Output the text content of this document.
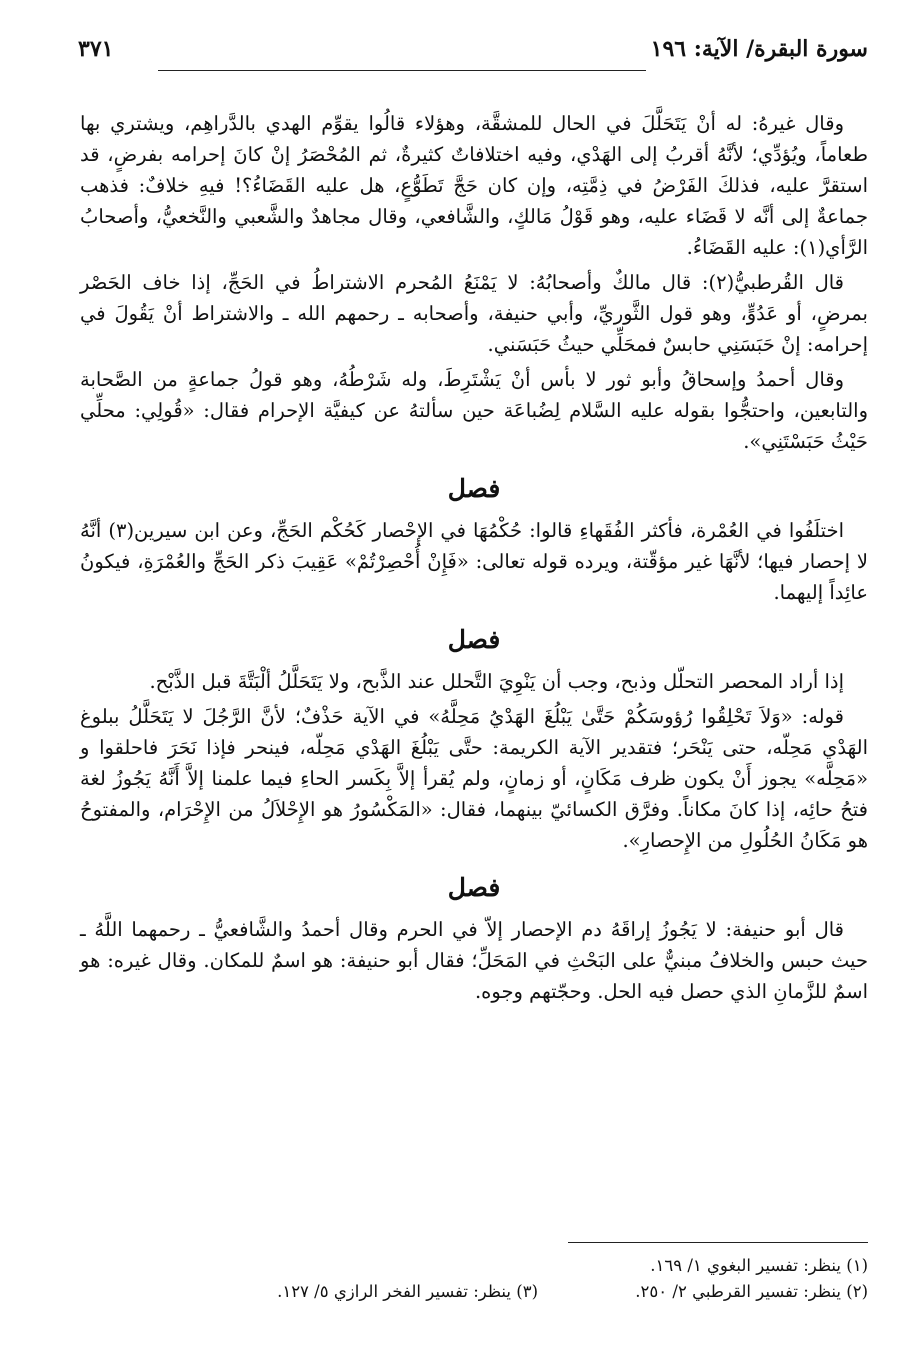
سورة البقرة/ الآية: ١٩٦
٣٧١

وقال غيرهُ: له أنْ يَتَحَلَّلَ في الحال للمشقَّة، وهؤلاء قالُوا يقوِّم الهدي بالدَّراهِم، ويشتري بها طعاماً، ويُؤدِّي؛ لأنَّهُ أقربُ إلى الهَدْي، وفيه اختلافاتٌ كثيرةٌ، ثم المُحْصَرُ إنْ كانَ إحرامه بفرضٍ، قد استقرَّ عليه، فذلكَ الفَرْضُ في ذِمَّتِه، وإن كان حَجَّ تَطَوُّعٍ، هل عليه القَضَاءُ؟! فيهِ خلافٌ: فذهب جماعةٌ إلى أنَّه لا قَضَاء عليه، وهو قَوْلُ مَالكٍ، والشَّافعي، وقال مجاهدٌ والشَّعبي والنَّخعيُّ، وأصحابُ الرَّأي(١): عليه القَضَاءُ.

قال القُرطبيُّ(٢): قال مالكٌ وأصحابُهُ: لا يَمْنَعُ المُحرم الاشتراطُ في الحَجِّ، إذا خاف الحَصْر بمرضٍ، أو عَدُوٍّ، وهو قول الثَّوريِّ، وأبي حنيفة، وأصحابه ـ رحمهم الله ـ والاشتراط أنْ يَقُولَ في إحرامه: إنْ حَبَسَنِي حابسٌ فمحَلِّي حيثُ حَبَسَني.

وقال أحمدُ وإسحاقُ وأبو ثور لا بأس أنْ يَشْتَرِطَ، وله شَرْطُهُ، وهو قولُ جماعةٍ من الصَّحابة والتابعين، واحتجُّوا بقوله عليه السَّلام لِضُباعَة حين سألتهُ عن كيفيَّة الإحرام فقال: «قُولِي: محلِّي حَيْثُ حَبَسْتَنِي».

فصل

اختلَفُوا في العُمْرة، فأكثر الفُقَهاءِ قالوا: حُكْمُهَا في الإحْصار كَحُكْم الحَجِّ، وعن ابن سيرين(٣) أنَّهُ لا إحصار فيها؛ لأنَّهَا غير مؤقّتة، ويرده قوله تعالى: «فَإِنْ أُحْصِرْتُمْ» عَقِيبَ ذكر الحَجِّ والعُمْرَةِ، فيكونُ عائِداً إليهما.

فصل

إذا أراد المحصر التحلّل وذبح، وجب أن يَنْوِيَ التَّحلل عند الذَّبح، ولا يَتَحَلَّلُ ألْبَتَّةَ قبل الذَّبْح.

قوله: «وَلاَ تَحْلِقُوا رُؤوسَكُمْ حَتَّىٰ يَبْلُغَ الهَدْيُ مَحِلَّهُ» في الآية حَذْفٌ؛ لأنَّ الرَّجُلَ لا يَتَحَلَّلُ ببلوغ الهَدْي مَحِلّه، حتى يَنْحَر؛ فتقدير الآية الكريمة: حتَّى يَبْلُغَ الهَدْي مَحِلّه، فينحر فإذا نَحَرَ فاحلقوا و «مَحِلَّه» يجوز أَنْ يكون ظرف مَكَانٍ، أو زمانٍ، ولم يُقرأ إلاَّ بِكَسر الحاءِ فيما علمنا إلاَّ أَنَّهُ يَجُوزُ لغة فتحُ حائِه، إذا كانَ مكاناً. وفرَّق الكسائيّ بينهما، فقال: «المَكْسُورُ هو الإِحْلاَلُ من الإِحْرَام، والمفتوحُ هو مَكَانُ الحُلُولِ من الإِحصارِ».

فصل

قال أبو حنيفة: لا يَجُوزُ إراقَهُ دم الإحصار إلاّ في الحرم وقال أحمدُ والشَّافعيُّ ـ رحمهما اللَّهُ ـ حيث حبس والخلافُ مبنيٌّ على البَحْثِ في المَحَلِّ؛ فقال أبو حنيفة: هو اسمٌ للمكان. وقال غيره: هو اسمٌ للزَّمانِ الذي حصل فيه الحل. وحجّتهم وجوه.

(١) ينظر: تفسير البغوي ١/ ١٦٩.
(٢) ينظر: تفسير القرطبي ٢/ ٢٥٠.
(٣) ينظر: تفسير الفخر الرازي ٥/ ١٢٧.
